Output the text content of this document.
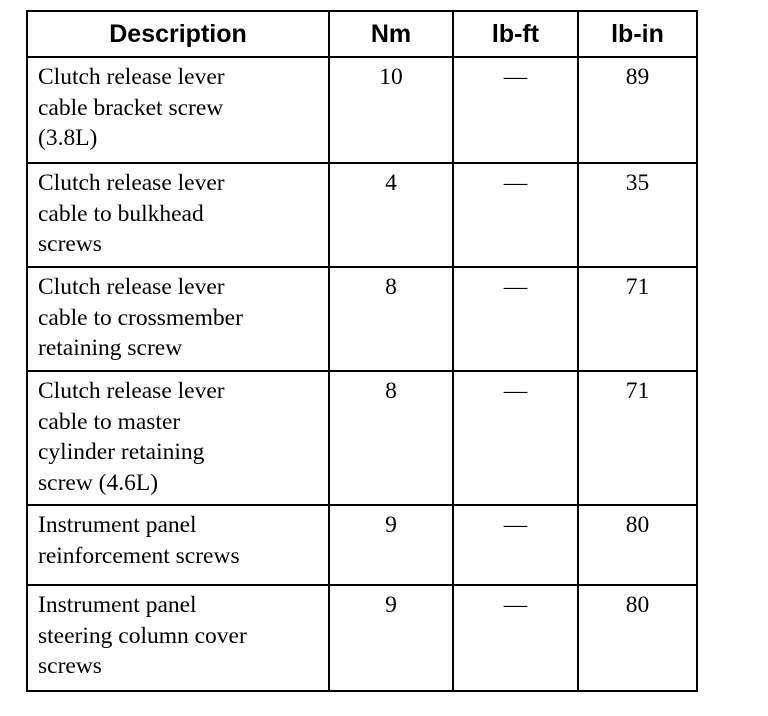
Description	Nm	lb-ft	lb-in
Clutch release lever
cable bracket screw
(3.8L)	10	—	89
Clutch release lever
cable to bulkhead
screws	4	—	35
Clutch release lever
cable to crossmember
retaining screw	8	—	71
Clutch release lever
cable to master
cylinder retaining
screw (4.6L)	8	—	71
Instrument panel
reinforcement screws	9	—	80
Instrument panel
steering column cover
screws	9	—	80
